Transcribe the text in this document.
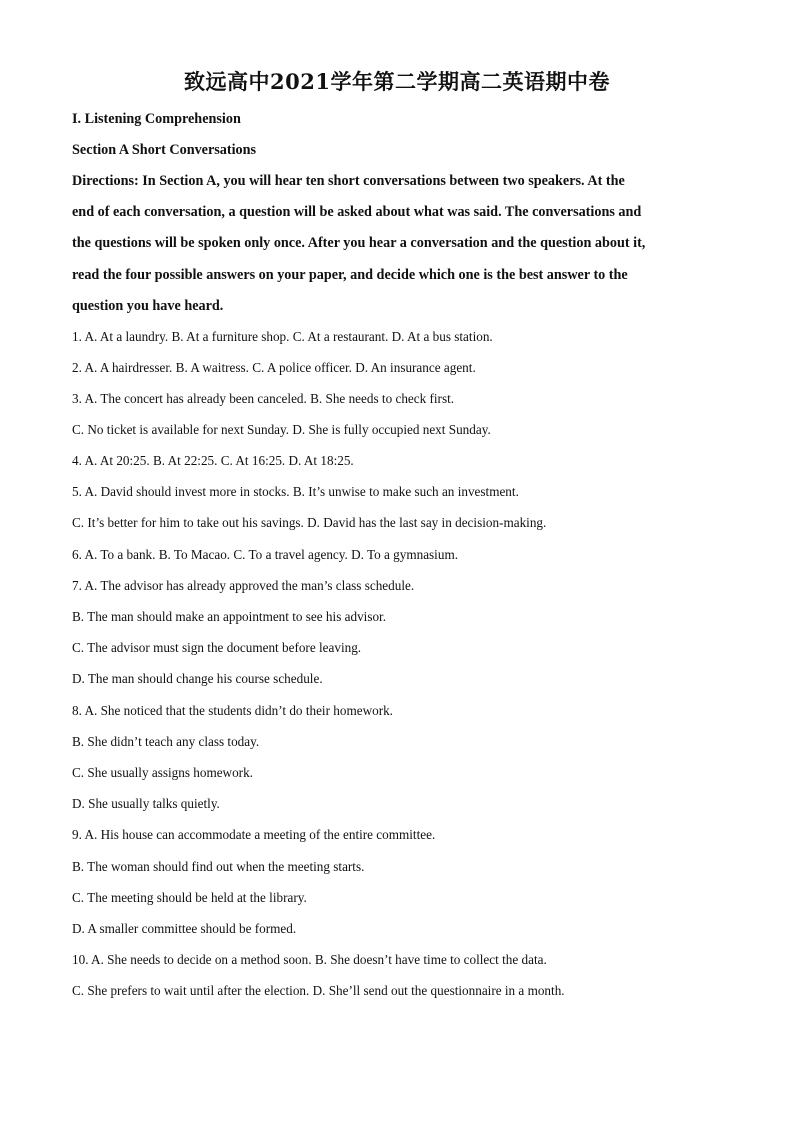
致远高中2021学年第二学期高二英语期中卷
I. Listening Comprehension
Section A Short Conversations
Directions: In Section A, you will hear ten short conversations between two speakers. At the
end of each conversation, a question will be asked about what was said. The conversations and
the questions will be spoken only once. After you hear a conversation and the question about it,
read the four possible answers on your paper, and decide which one is the best answer to the
question you have heard.
1. A. At a laundry. B. At a furniture shop. C. At a restaurant. D. At a bus station.
2. A. A hairdresser. B. A waitress. C. A police officer. D. An insurance agent.
3. A. The concert has already been canceled. B. She needs to check first.
C. No ticket is available for next Sunday. D. She is fully occupied next Sunday.
4. A. At 20:25. B. At 22:25. C. At 16:25. D. At 18:25.
5. A. David should invest more in stocks. B. It’s unwise to make such an investment.
C. It’s better for him to take out his savings. D. David has the last say in decision-making.
6. A. To a bank. B. To Macao. C. To a travel agency. D. To a gymnasium.
7. A. The advisor has already approved the man’s class schedule.
B. The man should make an appointment to see his advisor.
C. The advisor must sign the document before leaving.
D. The man should change his course schedule.
8. A. She noticed that the students didn’t do their homework.
B. She didn’t teach any class today.
C. She usually assigns homework.
D. She usually talks quietly.
9. A. His house can accommodate a meeting of the entire committee.
B. The woman should find out when the meeting starts.
C. The meeting should be held at the library.
D. A smaller committee should be formed.
10. A. She needs to decide on a method soon. B. She doesn’t have time to collect the data.
C. She prefers to wait until after the election. D. She’ll send out the questionnaire in a month.
